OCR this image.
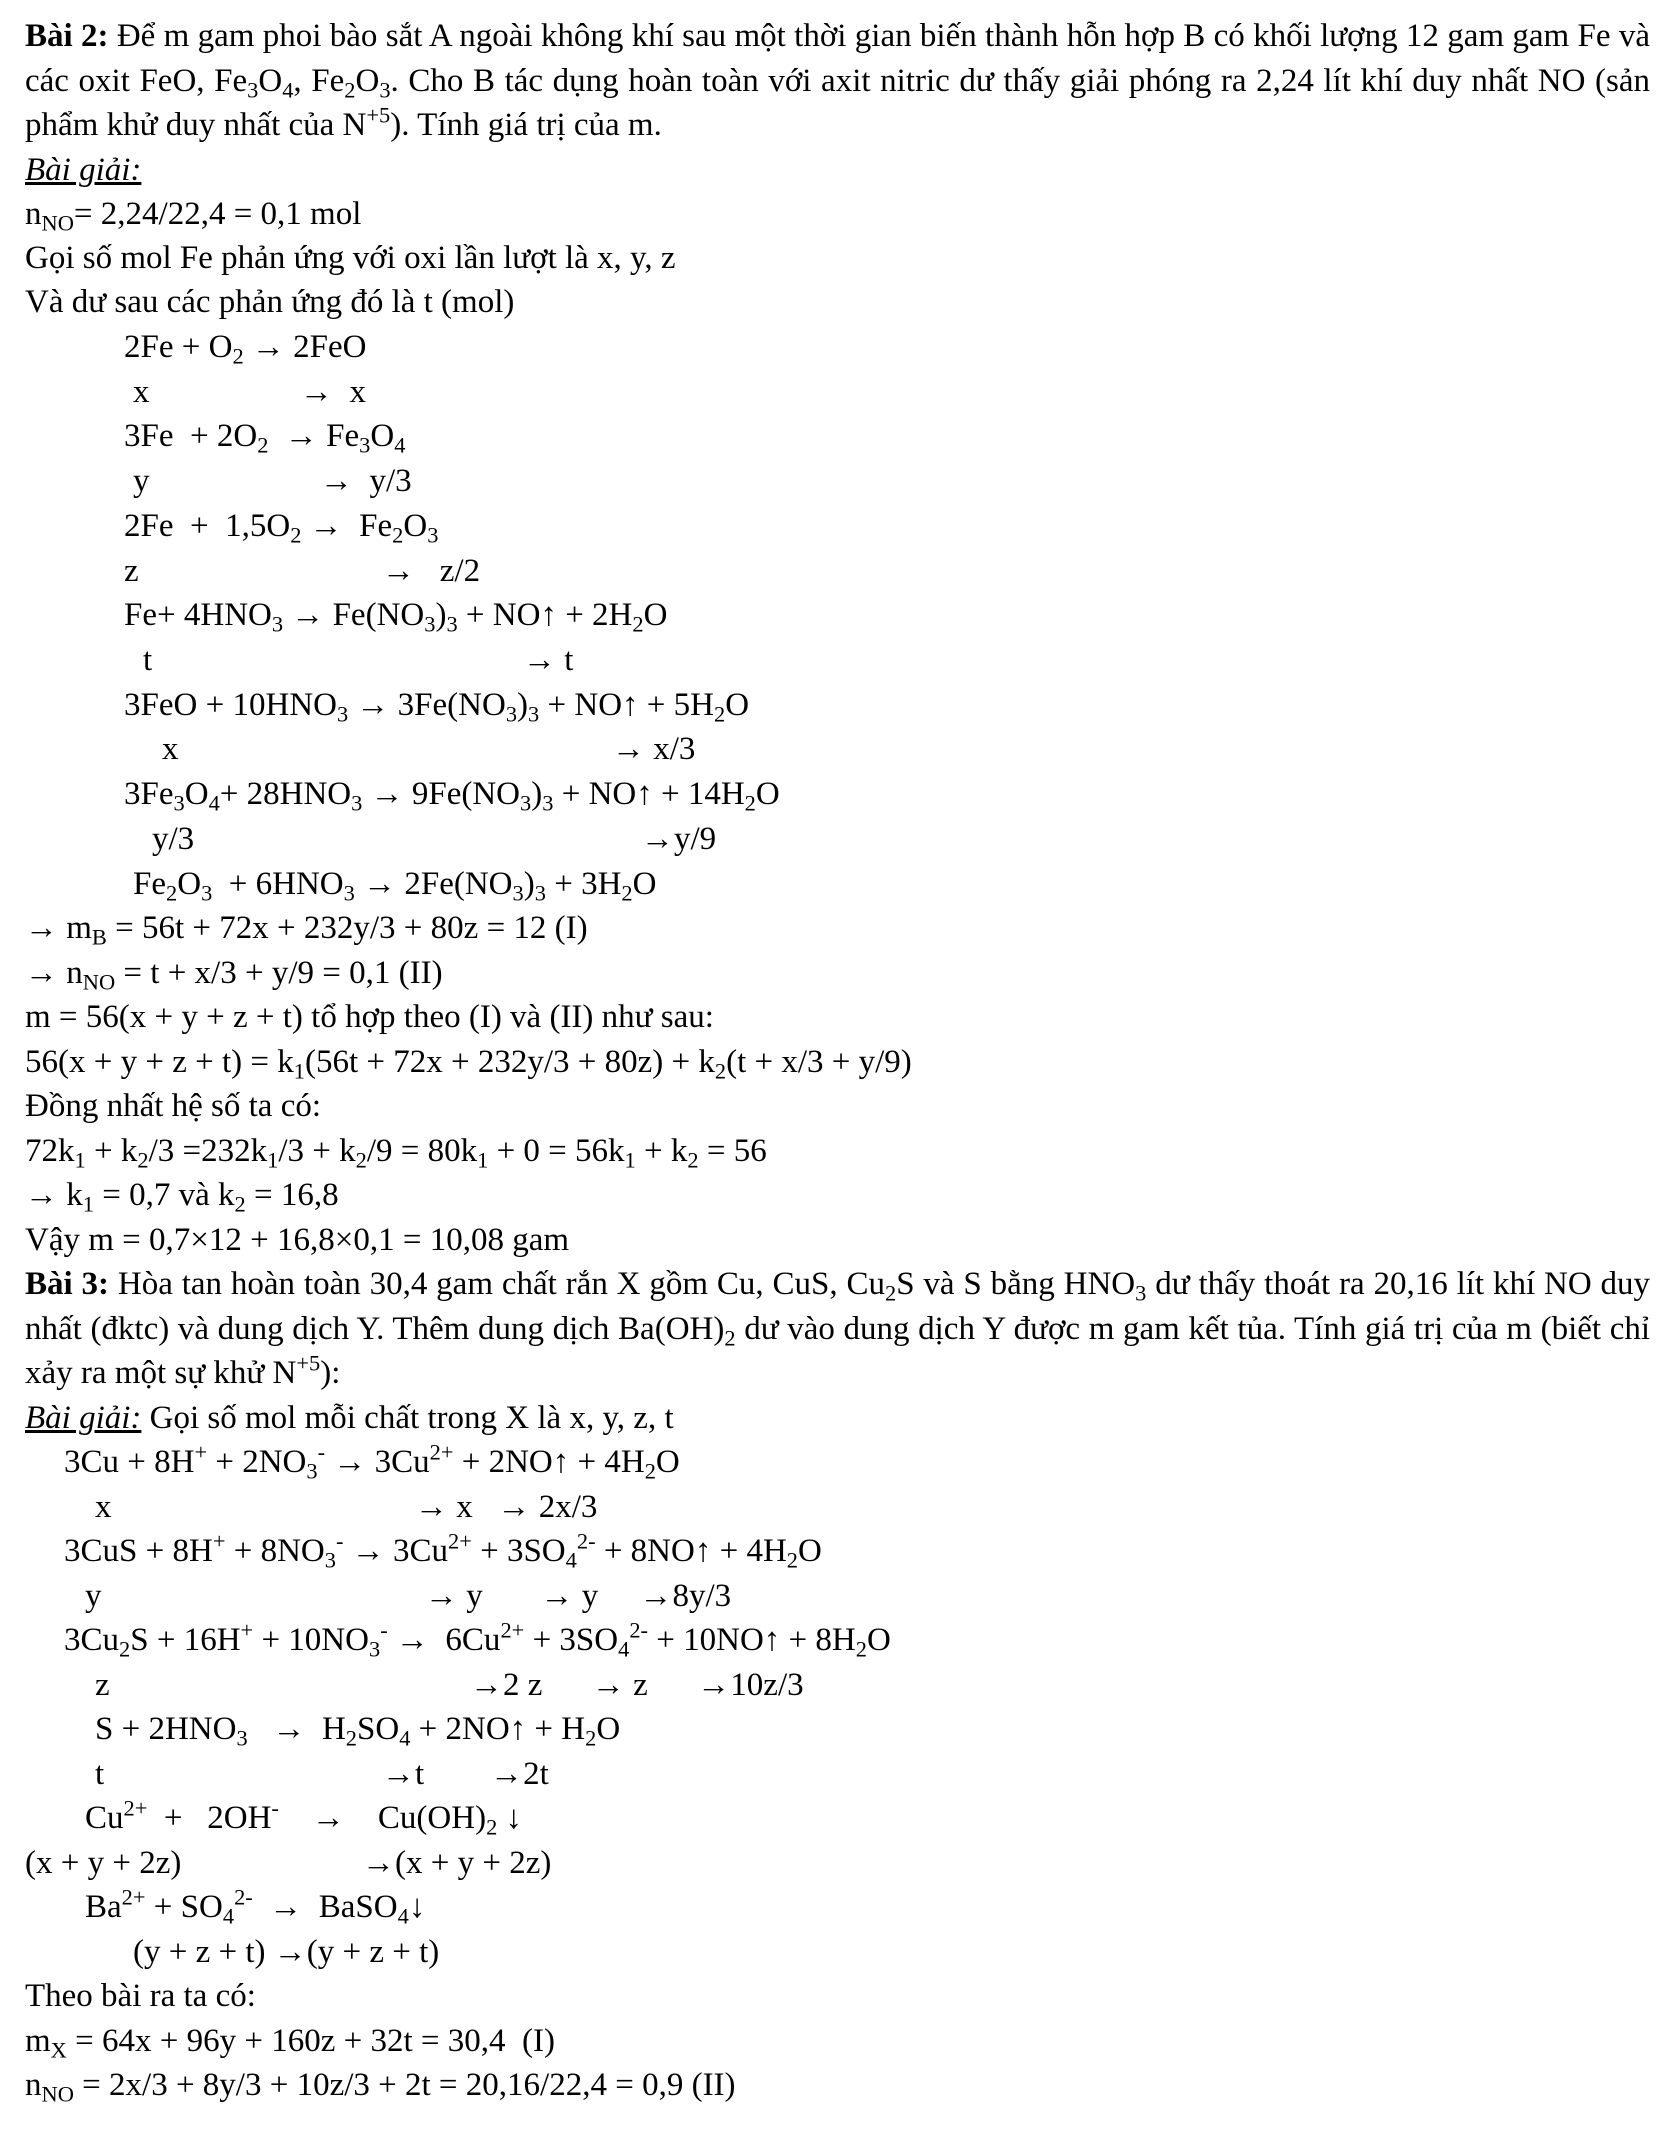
Bài 2: Để m gam phoi bào sắt A ngoài không khí sau một thời gian biến thành hỗn hợp B có khối lượng 12 gam gam Fe và các oxit FeO, $Fe_3O_4$, $Fe_2O_3$. Cho B tác dụng hoàn toàn với axit nitric dư thấy giải phóng ra 2,24 lít khí duy nhất NO (sản phẩm khử duy nhất của $N^{+5}$). Tính giá trị của m.
Bài giải:
$n_{NO}= 2,24/22,4 = 0,1$ mol
Gọi số mol Fe phản ứng với oxi lần lượt là x, y, z
Và dư sau các phản ứng đó là t (mol)
$2Fe + O_2 \to 2FeO$
x	→  x
$3Fe + 2O_2 \to Fe_3O_4$
y	→  y/3
$2Fe + 1,5O_2 \to Fe_2O_3$
z	→   z/2
$Fe+ 4HNO_3 \to Fe(NO_3)_3$ + NO↑ + $2H_2O$
t	→ t
$3FeO + 10HNO_3 \to 3Fe(NO_3)_3$ + NO↑ + $5H_2O$
x	→ x/3
$3Fe_3O_4+ 28HNO_3 \to 9Fe(NO_3)_3$ + NO↑ + $14H_2O$
y/3	→y/9
$Fe_2O_3 + 6HNO_3 \to 2Fe(NO_3)_3 + 3H_2O$
→ $m_B = 56t + 72x + 232y/3 + 80z = 12$ (I)
→ $n_{NO} = t + x/3 + y/9 = 0,1$ (II)
m = 56(x + y + z + t) tổ hợp theo (I) và (II) như sau:
$56(x + y + z + t) = k_1(56t + 72x + 232y/3 + 80z) + k_2(t + x/3 + y/9)$
Đồng nhất hệ số ta có:
$72k_1 + k_2/3 =232k_1/3 + k_2/9 = 80k_1 + 0 = 56k_1 + k_2 = 56$
→ $k_1 = 0,7$ và $k_2 = 16,8$
Vậy m = 0,7×12 + 16,8×0,1 = 10,08 gam
Bài 3: Hòa tan hoàn toàn 30,4 gam chất rắn X gồm Cu, CuS, $Cu_2S$ và S bằng $HNO_3$ dư thấy thoát ra 20,16 lít khí NO duy nhất (đktc) và dung dịch Y. Thêm dung dịch $Ba(OH)_2$ dư vào dung dịch Y được m gam kết tủa. Tính giá trị của m (biết chỉ xảy ra một sự khử $N^{+5}$):
Bài giải: Gọi số mol mỗi chất trong X là x, y, z, t
$3Cu + 8H^+ + 2NO_3^- \to 3Cu^{2+}$ + 2NO↑ + $4H_2O$
x	→ x   → 2x/3
$3CuS + 8H^+ + 8NO_3^- \to 3Cu^{2+} + 3SO_4^{2-}$ + 8NO↑ + $4H_2O$
y	→ y       → y     →8y/3
$3Cu_2S + 16H^+ + 10NO_3^- \to 6Cu^{2+} + 3SO_4^{2-}$ + 10NO↑ + $8H_2O$
z	→2 z      → z      →10z/3
$S + 2HNO_3 \to H_2SO_4$ + 2NO↑ + $H_2O$
t	→t        →2t
$Cu^{2+} + 2OH^-$    →    $Cu(OH)_2$ ↓
(x + y + 2z)	→(x + y + 2z)
$Ba^{2+} + SO_4^{2-}$  →  BaSO$_4$↓
(y + z + t) →(y + z + t)
Theo bài ra ta có:
$m_X = 64x + 96y + 160z + 32t = 30,4$  (I)
$n_{NO} = 2x/3 + 8y/3 + 10z/3 + 2t = 20,16/22,4 = 0,9$ (II)
